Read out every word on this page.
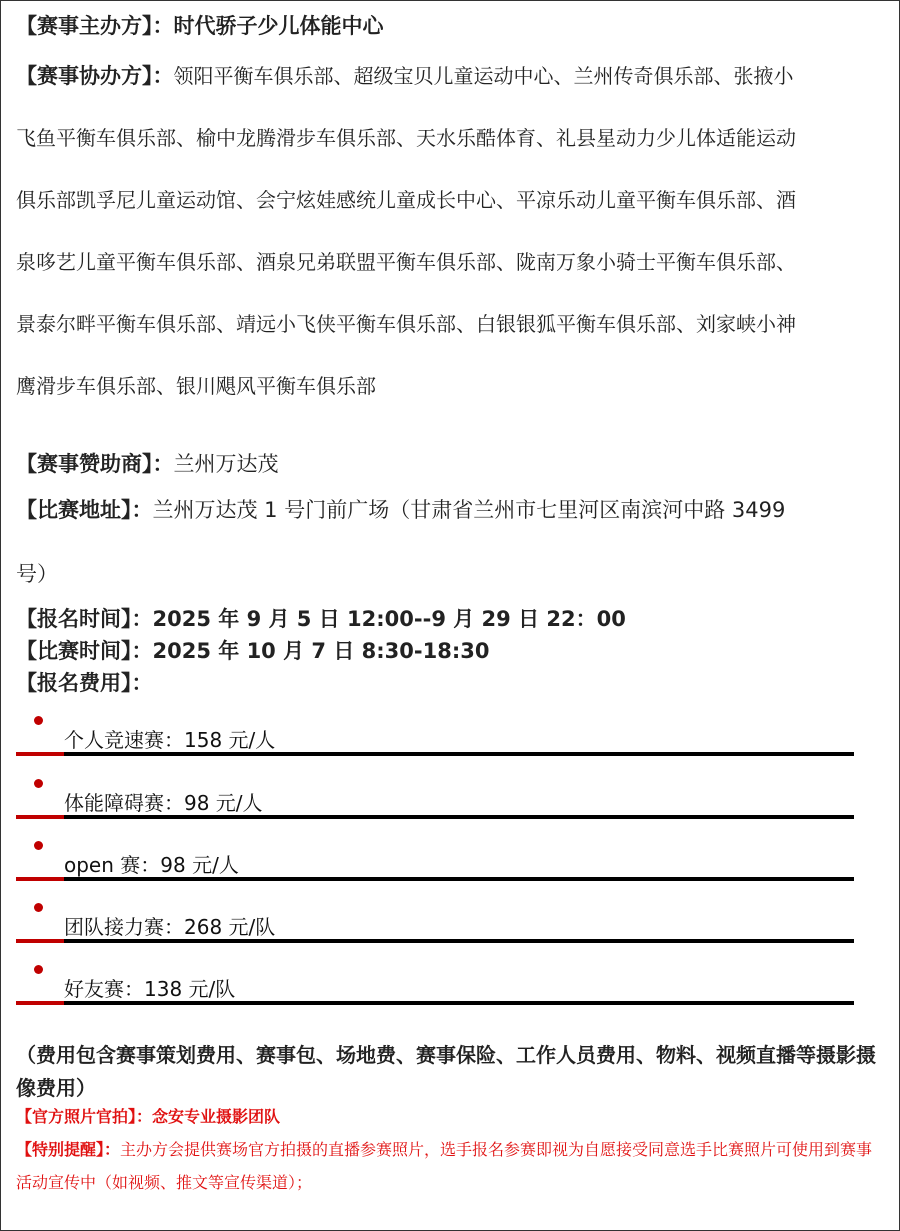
【赛事主办方】：时代骄子少儿体能中心
【赛事协办方】：领阳平衡车俱乐部、超级宝贝儿童运动中心、兰州传奇俱乐部、张掖小
飞鱼平衡车俱乐部、榆中龙腾滑步车俱乐部、天水乐酷体育、礼县星动力少儿体适能运动
俱乐部凯孚尼儿童运动馆、会宁炫娃感统儿童成长中心、平凉乐动儿童平衡车俱乐部、酒
泉哆艺儿童平衡车俱乐部、酒泉兄弟联盟平衡车俱乐部、陇南万象小骑士平衡车俱乐部、
景泰尔畔平衡车俱乐部、靖远小飞侠平衡车俱乐部、白银银狐平衡车俱乐部、刘家峡小神
鹰滑步车俱乐部、银川飓风平衡车俱乐部
【赛事赞助商】：兰州万达茂
【比赛地址】：兰州万达茂 1 号门前广场（甘肃省兰州市七里河区南滨河中路 3499
号）
【报名时间】：2025 年 9 月 5 日 12:00--9 月 29 日 22：00
【比赛时间】：2025 年 10 月 7 日 8:30-18:30
【报名费用】：
个人竞速赛：158 元/人
体能障碍赛：98 元/人
open 赛：98 元/人
团队接力赛：268 元/队
好友赛：138 元/队
（费用包含赛事策划费用、赛事包、场地费、赛事保险、工作人员费用、物料、视频直播等摄影摄像费用）
【官方照片官拍】：念安专业摄影团队
【特别提醒】：主办方会提供赛场官方拍摄的直播参赛照片，选手报名参赛即视为自愿接受同意选手比赛照片可使用到赛事活动宣传中（如视频、推文等宣传渠道）；
